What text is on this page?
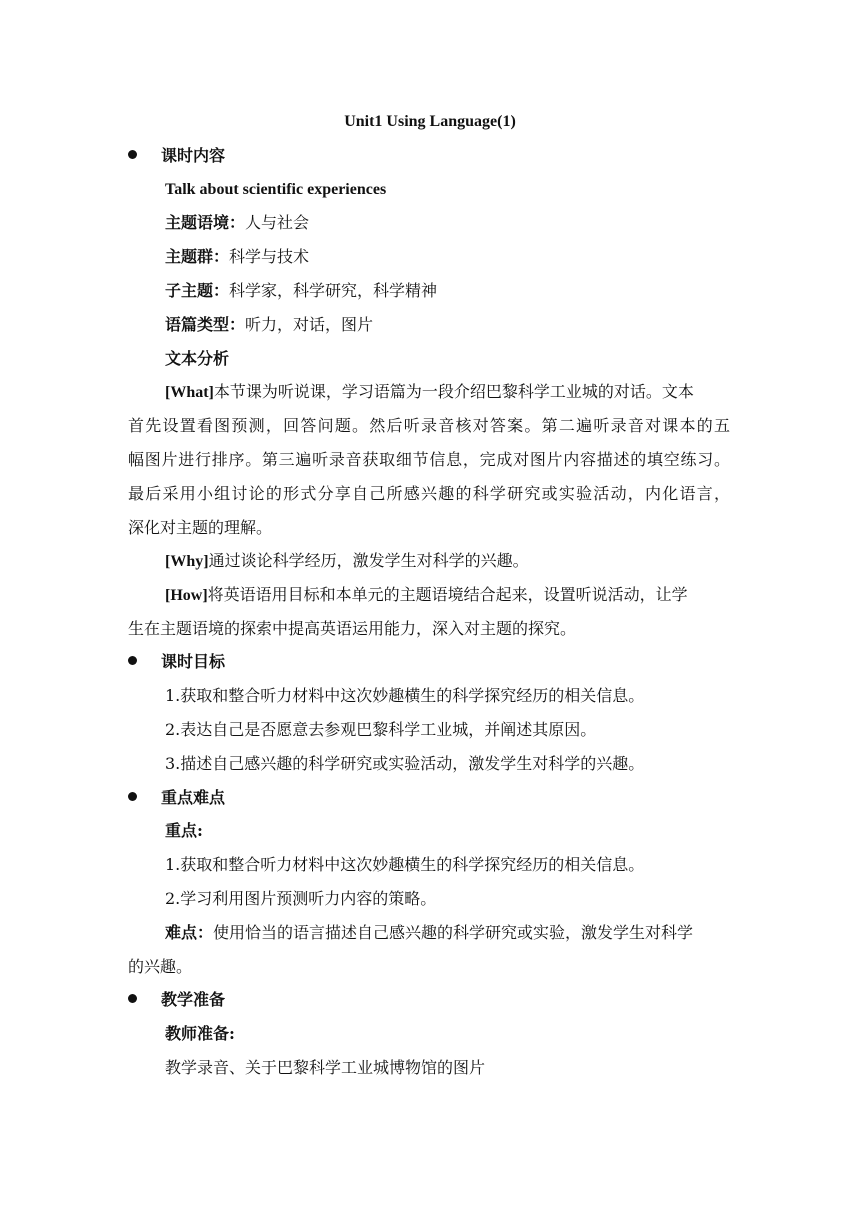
Unit1 Using Language(1)
课时内容
Talk about scientific experiences
主题语境：人与社会
主题群：科学与技术
子主题：科学家，科学研究，科学精神
语篇类型：听力，对话，图片
文本分析
[What]本节课为听说课，学习语篇为一段介绍巴黎科学工业城的对话。文本
首先设置看图预测，回答问题。然后听录音核对答案。第二遍听录音对课本的五
幅图片进行排序。第三遍听录音获取细节信息，完成对图片内容描述的填空练习。
最后采用小组讨论的形式分享自己所感兴趣的科学研究或实验活动，内化语言，
深化对主题的理解。
[Why]通过谈论科学经历，激发学生对科学的兴趣。
[How]将英语语用目标和本单元的主题语境结合起来，设置听说活动，让学
生在主题语境的探索中提高英语运用能力，深入对主题的探究。
课时目标
1.获取和整合听力材料中这次妙趣横生的科学探究经历的相关信息。
2.表达自己是否愿意去参观巴黎科学工业城，并阐述其原因。
3.描述自己感兴趣的科学研究或实验活动，激发学生对科学的兴趣。
重点难点
重点:
1.获取和整合听力材料中这次妙趣横生的科学探究经历的相关信息。
2.学习利用图片预测听力内容的策略。
难点：使用恰当的语言描述自己感兴趣的科学研究或实验，激发学生对科学
的兴趣。
教学准备
教师准备:
教学录音、关于巴黎科学工业城博物馆的图片
